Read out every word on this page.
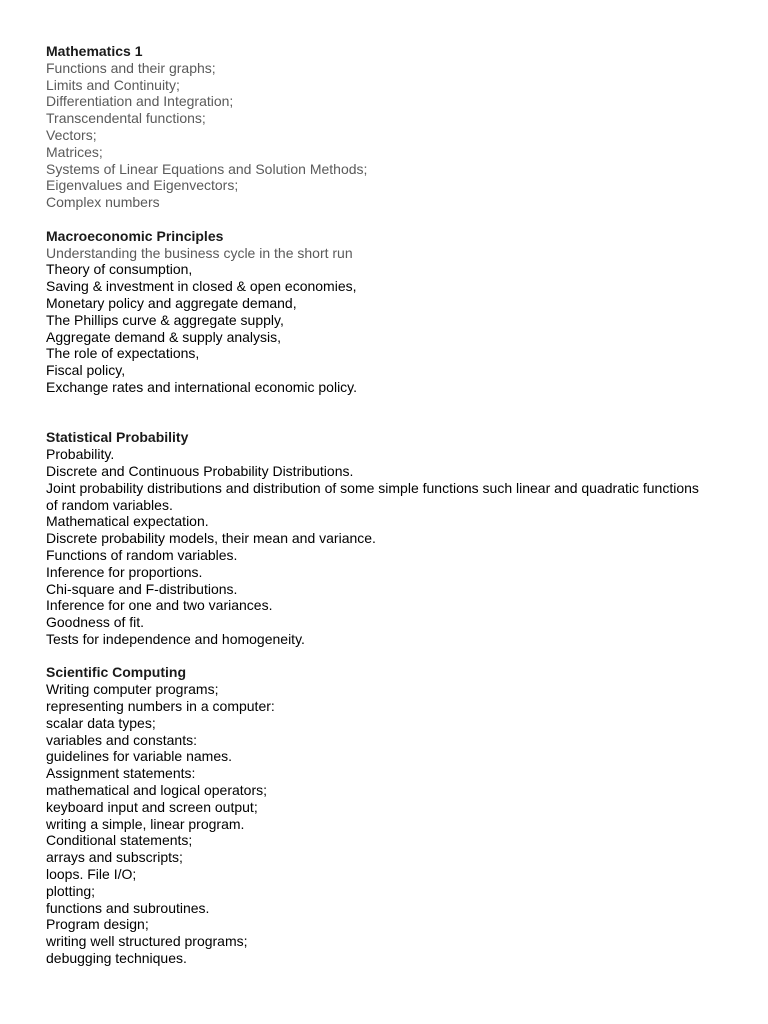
Mathematics 1
Functions and their graphs;
Limits and Continuity;
Differentiation and Integration;
Transcendental functions;
Vectors;
Matrices;
Systems of Linear Equations and Solution Methods;
Eigenvalues and Eigenvectors;
Complex numbers
Macroeconomic Principles
Understanding the business cycle in the short run
Theory of consumption,
Saving & investment in closed & open economies,
Monetary policy and aggregate demand,
The Phillips curve & aggregate supply,
Aggregate demand & supply analysis,
The role of expectations,
Fiscal policy,
Exchange rates and international economic policy.
Statistical Probability
Probability.
Discrete and Continuous Probability Distributions.
Joint probability distributions and distribution of some simple functions such linear and quadratic functions of random variables.
Mathematical expectation.
Discrete probability models, their mean and variance.
Functions of random variables.
Inference for proportions.
Chi-square and F-distributions.
Inference for one and two variances.
Goodness of fit.
Tests for independence and homogeneity.
Scientific Computing
Writing computer programs;
representing numbers in a computer:
scalar data types;
variables and constants:
guidelines for variable names.
Assignment statements:
mathematical and logical operators;
keyboard input and screen output;
writing a simple, linear program.
Conditional statements;
arrays and subscripts;
loops. File I/O;
plotting;
functions and subroutines.
Program design;
writing well structured programs;
debugging techniques.
